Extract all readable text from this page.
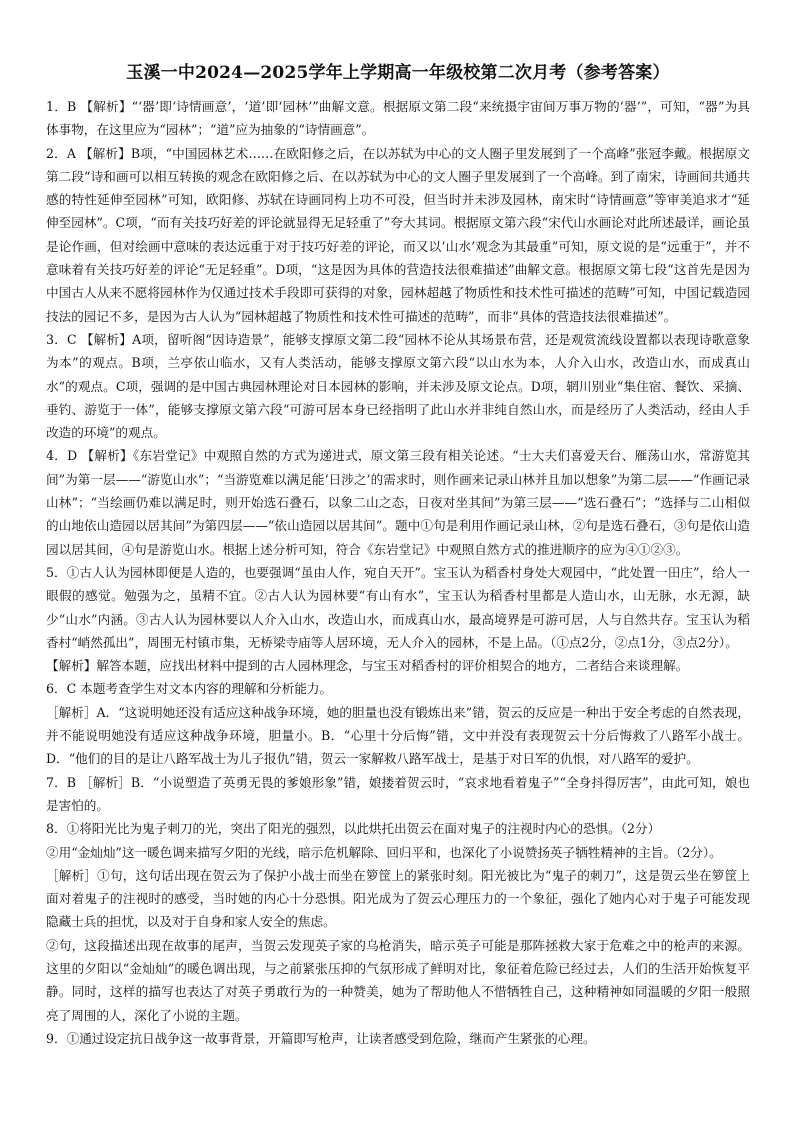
玉溪一中2024—2025学年上学期高一年级校第二次月考（参考答案）

1．B 【解析】“‘器’即‘诗情画意’，‘道’即‘园林’”曲解文意。根据原文第二段“来统摄宇宙间万事万物的‘器’”，可知，“器”为具体事物，在这里应为“园林”；“道”应为抽象的“诗情画意”。

2．A 【解析】B项，“中国园林艺术……在欧阳修之后，在以苏轼为中心的文人圈子里发展到了一个高峰”张冠李戴。根据原文第二段“诗和画可以相互转换的观念在欧阳修之后、在以苏轼为中心的文人圈子里发展到了一个高峰。到了南宋，诗画间共通共感的特性延伸至园林”可知，欧阳修、苏轼在诗画同构上功不可没，但当时并未涉及园林，南宋时“诗情画意”等审美追求才“延伸至园林”。C项，“而有关技巧好差的评论就显得无足轻重了”夸大其词。根据原文第六段“宋代山水画论对此所述最详，画论虽是论作画，但对绘画中意味的表达远重于对于技巧好差的评论，而又以‘山水’观念为其最重”可知，原文说的是“远重于”，并不意味着有关技巧好差的评论“无足轻重”。D项，“这是因为具体的营造技法很难描述”曲解文意。根据原文第七段“这首先是因为中国古人从来不愿将园林作为仅通过技术手段即可获得的对象，园林超越了物质性和技术性可描述的范畴”可知，中国记载造园技法的园记不多，是因为古人认为“园林超越了物质性和技术性可描述的范畴”，而非“具体的营造技法很难描述”。

3．C 【解析】A项，留听阁“因诗造景”，能够支撑原文第二段“园林不论从其场景布营，还是观赏流线设置都以表现诗歌意象为本”的观点。B项，兰亭依山临水，又有人类活动，能够支撑原文第六段“以山水为本，人介入山水，改造山水，而成真山水”的观点。C项，强调的是中国古典园林理论对日本园林的影响，并未涉及原文论点。D项，辋川别业“集住宿、餐饮、采摘、垂钓、游览于一体”，能够支撑原文第六段“可游可居本身已经指明了此山水并非纯自然山水，而是经历了人类活动，经由人手改造的环境”的观点。

4．D 【解析】《东岩堂记》中观照自然的方式为递进式，原文第三段有相关论述。“士大夫们喜爱天台、雁荡山水，常游览其间”为第一层——“游览山水”；“当游览难以满足能‘日涉之’的需求时，则作画来记录山林并且加以想象”为第二层——“作画记录山林”；“当绘画仍难以满足时，则开始选石叠石，以象二山之态，日夜对坐其间”为第三层——“选石叠石”；“选择与二山相似的山地依山造园以居其间”为第四层——“依山造园以居其间”。题中①句是利用作画记录山林，②句是选石叠石，③句是依山造园以居其间，④句是游览山水。根据上述分析可知，符合《东岩堂记》中观照自然方式的推进顺序的应为④①②③。

5．①古人认为园林即便是人造的，也要强调“虽由人作，宛自天开”。宝玉认为稻香村身处大观园中，“此处置一田庄”，给人一眼假的感觉。勉强为之，虽精不宜。②古人认为园林要“有山有水”，宝玉认为稻香村里都是人造山水，山无脉，水无源，缺少“山水”内涵。③古人认为园林要以人介入山水，改造山水，而成真山水，最高境界是可游可居，人与自然共存。宝玉认为稻香村“峭然孤出”，周围无村镇市集，无桥梁寺庙等人居环境，无人介入的园林，不是上品。（①点2分，②点1分，③点2分）。

【解析】解答本题，应找出材料中提到的古人园林理念，与宝玉对稻香村的评价相契合的地方，二者结合来谈理解。

6．C 本题考查学生对文本内容的理解和分析能力。

［解析］A．“这说明她还没有适应这种战争环境，她的胆量也没有锻炼出来”错，贺云的反应是一种出于安全考虑的自然表现，并不能说明她没有适应这种战争环境，胆量小。B．“心里十分后悔”错，文中并没有表现贺云十分后悔救了八路军小战士。D．“他们的目的是让八路军战士为儿子报仇”错，贺云一家解救八路军战士，是基于对日军的仇恨，对八路军的爱护。

7．B ［解析］B．“小说塑造了英勇无畏的爹娘形象”错，娘搂着贺云时，“哀求地看着鬼子”“全身抖得厉害”，由此可知，娘也是害怕的。

8．①将阳光比为鬼子刺刀的光，突出了阳光的强烈，以此烘托出贺云在面对鬼子的注视时内心的恐惧。（2分）

②用“金灿灿”这一暖色调来描写夕阳的光线，暗示危机解除、回归平和，也深化了小说赞扬英子牺牲精神的主旨。（2分）。

［解析］①句，这句话出现在贺云为了保护小战士而坐在箩筐上的紧张时刻。阳光被比为“鬼子的刺刀”，这是贺云坐在箩筐上面对着鬼子的注视时的感受，当时她的内心十分恐惧。阳光成为了贺云心理压力的一个象征，强化了她内心对于鬼子可能发现隐藏士兵的担忧，以及对于自身和家人安全的焦虑。

②句，这段描述出现在故事的尾声，当贺云发现英子家的乌枪消失，暗示英子可能是那阵拯救大家于危难之中的枪声的来源。这里的夕阳以“金灿灿”的暖色调出现，与之前紧张压抑的气氛形成了鲜明对比，象征着危险已经过去，人们的生活开始恢复平静。同时，这样的描写也表达了对英子勇敢行为的一种赞美，她为了帮助他人不惜牺牲自己，这种精神如同温暖的夕阳一般照亮了周围的人，深化了小说的主题。

9．①通过设定抗日战争这一故事背景，开篇即写枪声，让读者感受到危险，继而产生紧张的心理。
